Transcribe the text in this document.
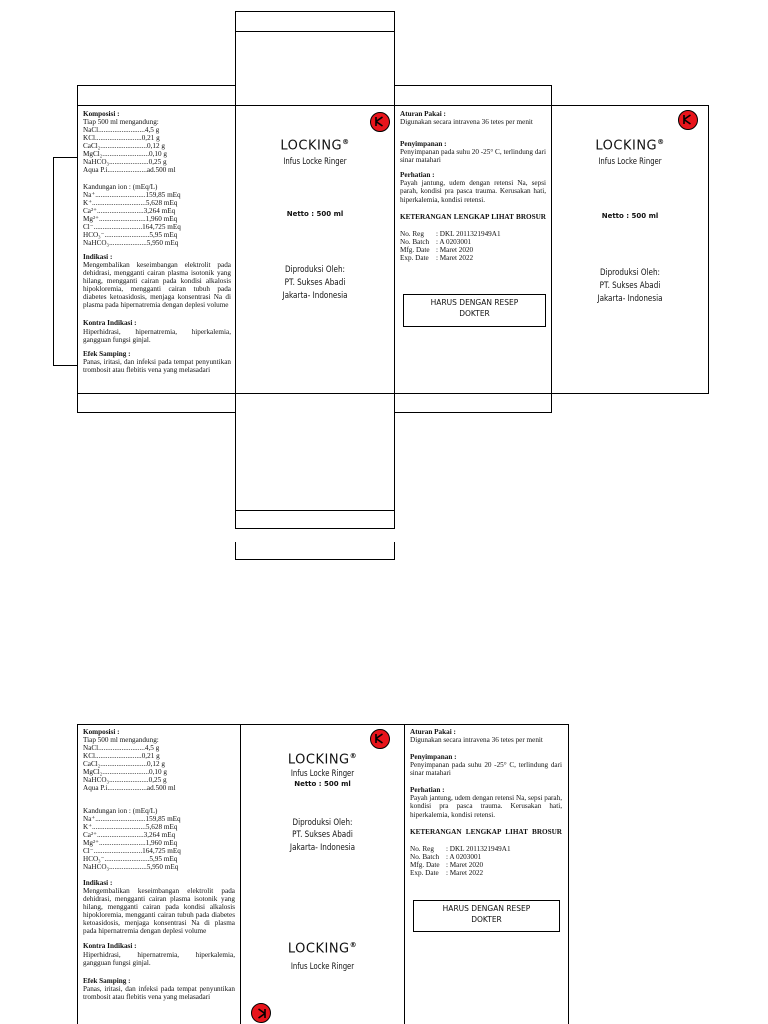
Komposisi :
Tiap 500 ml mengandung:
NaCl..........................4,5 g
KCl..........................0,21 g
CaCl₂..........................0,12 g
MgCl₂..........................0,10 g
NaHCO₃......................0,25 g
Aqua P.i......................ad.500 ml
Kandungan ion : (mEq/L)
Na⁺............................159,85 mEq
K⁺..............................5,628 mEq
Ca²⁺..........................3,264 mEq
Mg²⁺..........................1,960 mEq
Cl⁻...........................164,725 mEq
HCO₃⁻.........................5,95 mEq
NaHCO₃.....................5,950 mEq
Indikasi :
Mengembalikan keseimbangan elektrolit pada dehidrasi, mengganti cairan plasma isotonik yang hilang, mengganti cairan pada kondisi alkalosis hipokloremia, mengganti cairan tubuh pada diabetes ketoasidosis, menjaga konsentrasi Na di plasma pada hipernatremia dengan deplesi volume
Kontra Indikasi :
Hiperhidrasi, hipernatremia, hiperkalemia, gangguan fungsi ginjal.
Efek Samping :
Panas, iritasi, dan infeksi pada tempat penyuntikan trombosit atau flebitis vena yang melasadari
LOCKING®
Infus Locke Ringer
Netto : 500 ml
Diproduksi Oleh:
PT. Sukses Abadi
Jakarta- Indonesia
Aturan Pakai :
Digunakan secara intravena 36 tetes per menit
Penyimpanan :
Penyimpanan pada suhu 20 -25° C, terlindung dari sinar matahari
Perhatian :
Payah jantung, udem dengan retensi Na, sepsi parah, kondisi pra pasca trauma. Kerusakan hati, hiperkalemia, kondisi retensi.
KETERANGAN LENGKAP LIHAT BROSUR
No. Reg : DKL 2011321949A1
No. Batch : A 0203001
Mfg. Date : Maret 2020
Exp. Date : Maret 2022
HARUS DENGAN RESEP
DOKTER
LOCKING®
Infus Locke Ringer
Netto : 500 ml
Diproduksi Oleh:
PT. Sukses Abadi
Jakarta- Indonesia
Komposisi :
Tiap 500 ml mengandung:
NaCl..........................4,5 g
KCl..........................0,21 g
CaCl₂..........................0,12 g
MgCl₂..........................0,10 g
NaHCO₃......................0,25 g
Aqua P.i......................ad.500 ml
Kandungan ion : (mEq/L)
Na⁺............................159,85 mEq
K⁺..............................5,628 mEq
Ca²⁺..........................3,264 mEq
Mg²⁺..........................1,960 mEq
Cl⁻...........................164,725 mEq
HCO₃⁻.........................5,95 mEq
NaHCO₃.....................5,950 mEq
Indikasi :
Mengembalikan keseimbangan elektrolit pada dehidrasi, mengganti cairan plasma isotonik yang hilang, mengganti cairan pada kondisi alkalosis hipokloremia, mengganti cairan tubuh pada diabetes ketoasidosis, menjaga konsentrasi Na di plasma pada hipernatremia dengan deplesi volume
Kontra Indikasi :
Hiperhidrasi, hipernatremia, hiperkalemia, gangguan fungsi ginjal.
Efek Samping :
Panas, iritasi, dan infeksi pada tempat penyuntikan trombosit atau flebitis vena yang melasadari
LOCKING®
Infus Locke Ringer
Netto : 500 ml
Diproduksi Oleh:
PT. Sukses Abadi
Jakarta- Indonesia
LOCKING®
Infus Locke Ringer
Aturan Pakai :
Digunakan secara intravena 36 tetes per menit
Penyimpanan :
Penyimpanan pada suhu 20 -25° C, terlindung dari sinar matahari
Perhatian :
Payah jantung, udem dengan retensi Na, sepsi parah, kondisi pra pasca trauma. Kerusakan hati, hiperkalemia, kondisi retensi.
KETERANGAN LENGKAP LIHAT BROSUR
No. Reg : DKL 2011321949A1
No. Batch : A 0203001
Mfg. Date : Maret 2020
Exp. Date : Maret 2022
HARUS DENGAN RESEP
DOKTER
